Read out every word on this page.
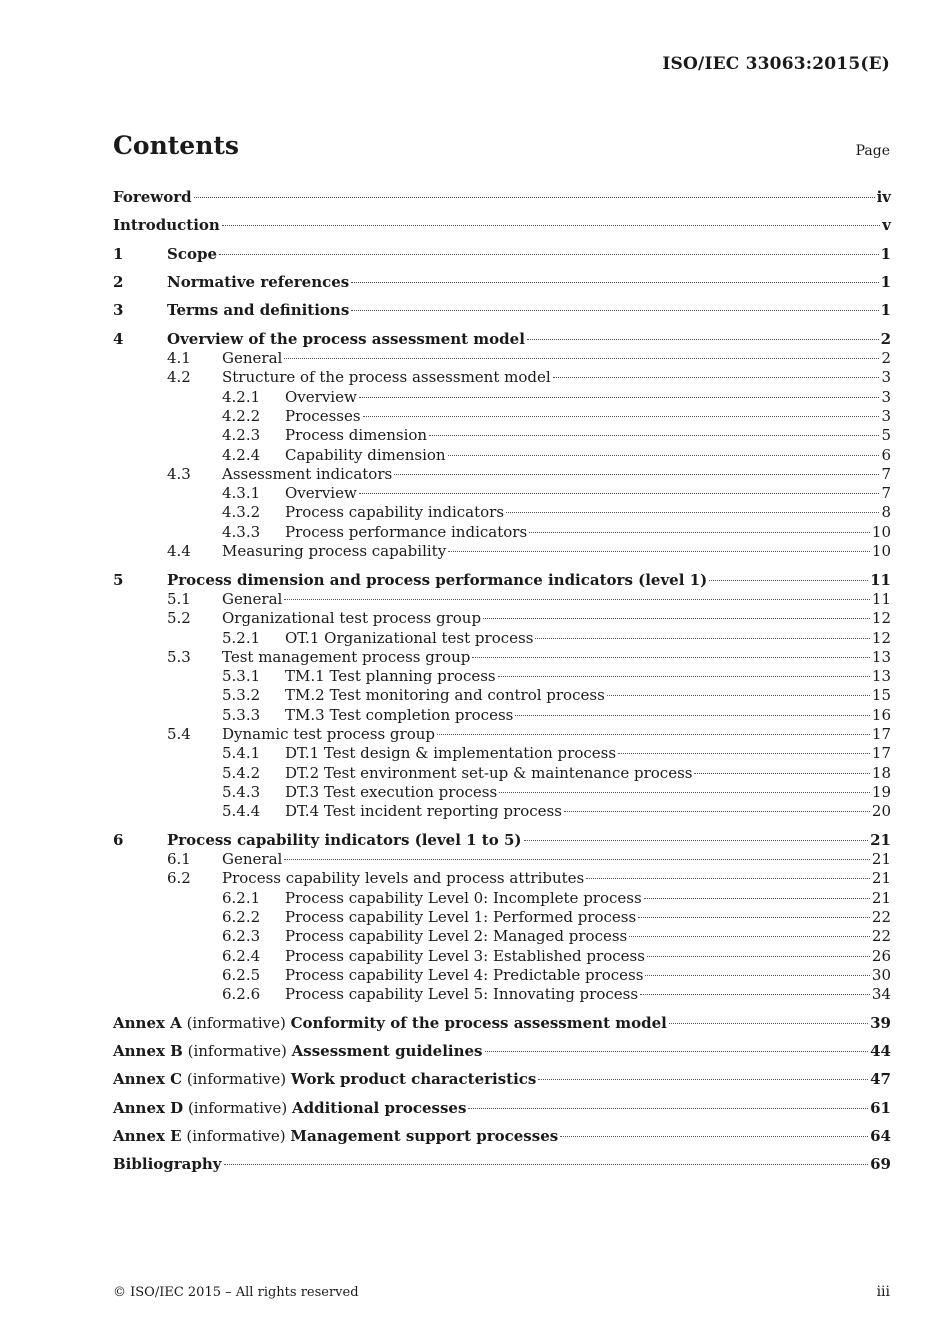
ISO/IEC 33063:2015(E)
Contents	Page
Foreword	iv
Introduction	v
1	Scope	1
2	Normative references	1
3	Terms and definitions	1
4	Overview of the process assessment model	2
4.1	General	2
4.2	Structure of the process assessment model	3
4.2.1	Overview	3
4.2.2	Processes	3
4.2.3	Process dimension	5
4.2.4	Capability dimension	6
4.3	Assessment indicators	7
4.3.1	Overview	7
4.3.2	Process capability indicators	8
4.3.3	Process performance indicators	10
4.4	Measuring process capability	10
5	Process dimension and process performance indicators (level 1)	11
5.1	General	11
5.2	Organizational test process group	12
5.2.1	OT.1 Organizational test process	12
5.3	Test management process group	13
5.3.1	TM.1 Test planning process	13
5.3.2	TM.2 Test monitoring and control process	15
5.3.3	TM.3 Test completion process	16
5.4	Dynamic test process group	17
5.4.1	DT.1 Test design & implementation process	17
5.4.2	DT.2 Test environment set-up & maintenance process	18
5.4.3	DT.3 Test execution process	19
5.4.4	DT.4 Test incident reporting process	20
6	Process capability indicators (level 1 to 5)	21
6.1	General	21
6.2	Process capability levels and process attributes	21
6.2.1	Process capability Level 0: Incomplete process	21
6.2.2	Process capability Level 1: Performed process	22
6.2.3	Process capability Level 2: Managed process	22
6.2.4	Process capability Level 3: Established process	26
6.2.5	Process capability Level 4: Predictable process	30
6.2.6	Process capability Level 5: Innovating process	34
Annex A (informative) Conformity of the process assessment model	39
Annex B (informative) Assessment guidelines	44
Annex C (informative) Work product characteristics	47
Annex D (informative) Additional processes	61
Annex E (informative) Management support processes	64
Bibliography	69
© ISO/IEC 2015 – All rights reserved	iii
